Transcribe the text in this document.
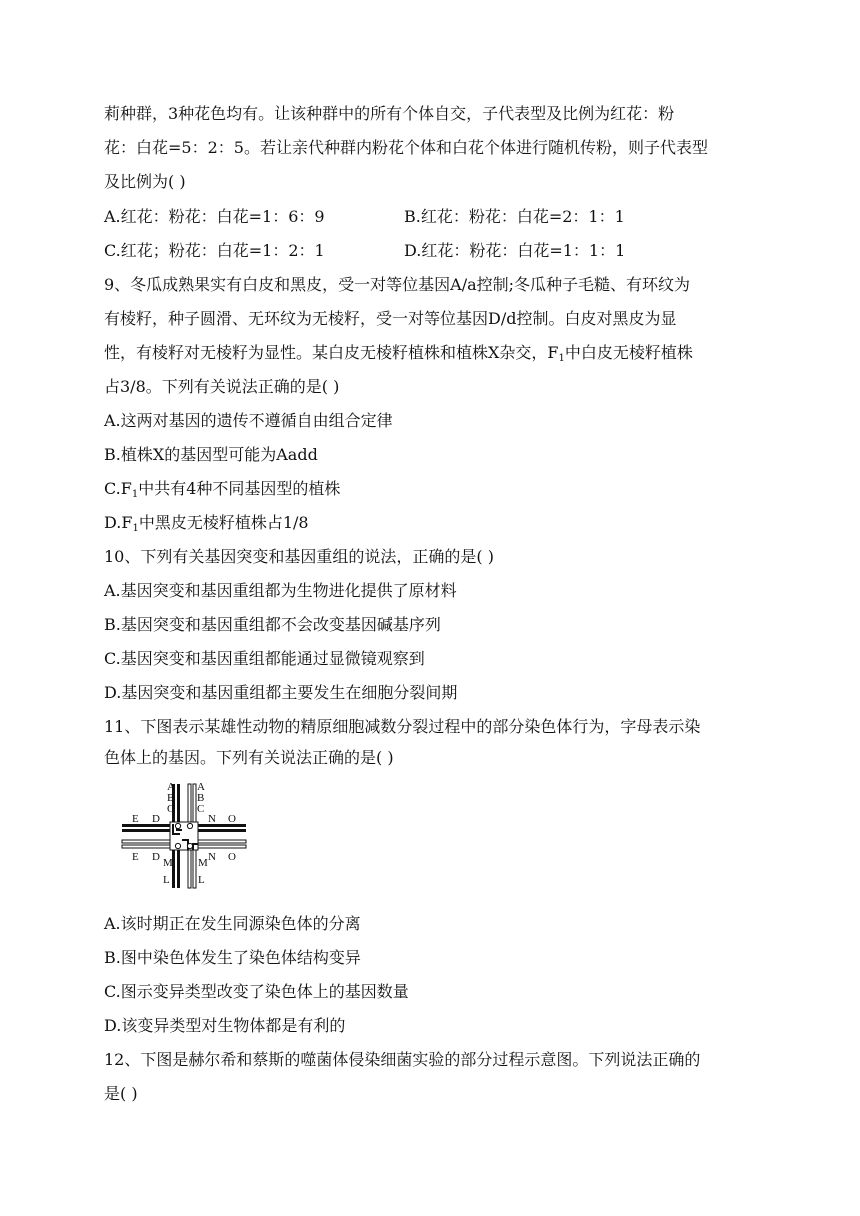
莉种群，3种花色均有。让该种群中的所有个体自交，子代表型及比例为红花：粉
花：白花=5：2：5。若让亲代种群内粉花个体和白花个体进行随机传粉，则子代表型
及比例为( )
A.红花：粉花：白花=1：6：9	B.红花：粉花：白花=2：1：1
C.红花；粉花：白花=1：2：1	D.红花：粉花：白花=1：1：1
9、冬瓜成熟果实有白皮和黑皮，受一对等位基因A/a控制;冬瓜种子毛糙、有环纹为
有棱籽，种子圆滑、无环纹为无棱籽，受一对等位基因D/d控制。白皮对黑皮为显
性，有棱籽对无棱籽为显性。某白皮无棱籽植株和植株X杂交，$F_1$中白皮无棱籽植株
占3/8。下列有关说法正确的是( )
A.这两对基因的遗传不遵循自由组合定律
B.植株X的基因型可能为Aadd
$C.F_1$中共有4种不同基因型的植株
$D.F_1$中黑皮无棱籽植株占1/8
10、下列有关基因突变和基因重组的说法，正确的是( )
A.基因突变和基因重组都为生物进化提供了原材料
B.基因突变和基因重组都不会改变基因碱基序列
C.基因突变和基因重组都能通过显微镜观察到
D.基因突变和基因重组都主要发生在细胞分裂间期
11、下图表示某雄性动物的精原细胞减数分裂过程中的部分染色体行为，字母表示染
色体上的基因。下列有关说法正确的是( )
A
B
C
A
B
C
E D
E D
N O
N O
M
L
M
L
A.该时期正在发生同源染色体的分离
B.图中染色体发生了染色体结构变异
C.图示变异类型改变了染色体上的基因数量
D.该变异类型对生物体都是有利的
12、下图是赫尔希和蔡斯的噬菌体侵染细菌实验的部分过程示意图。下列说法正确的
是( )
